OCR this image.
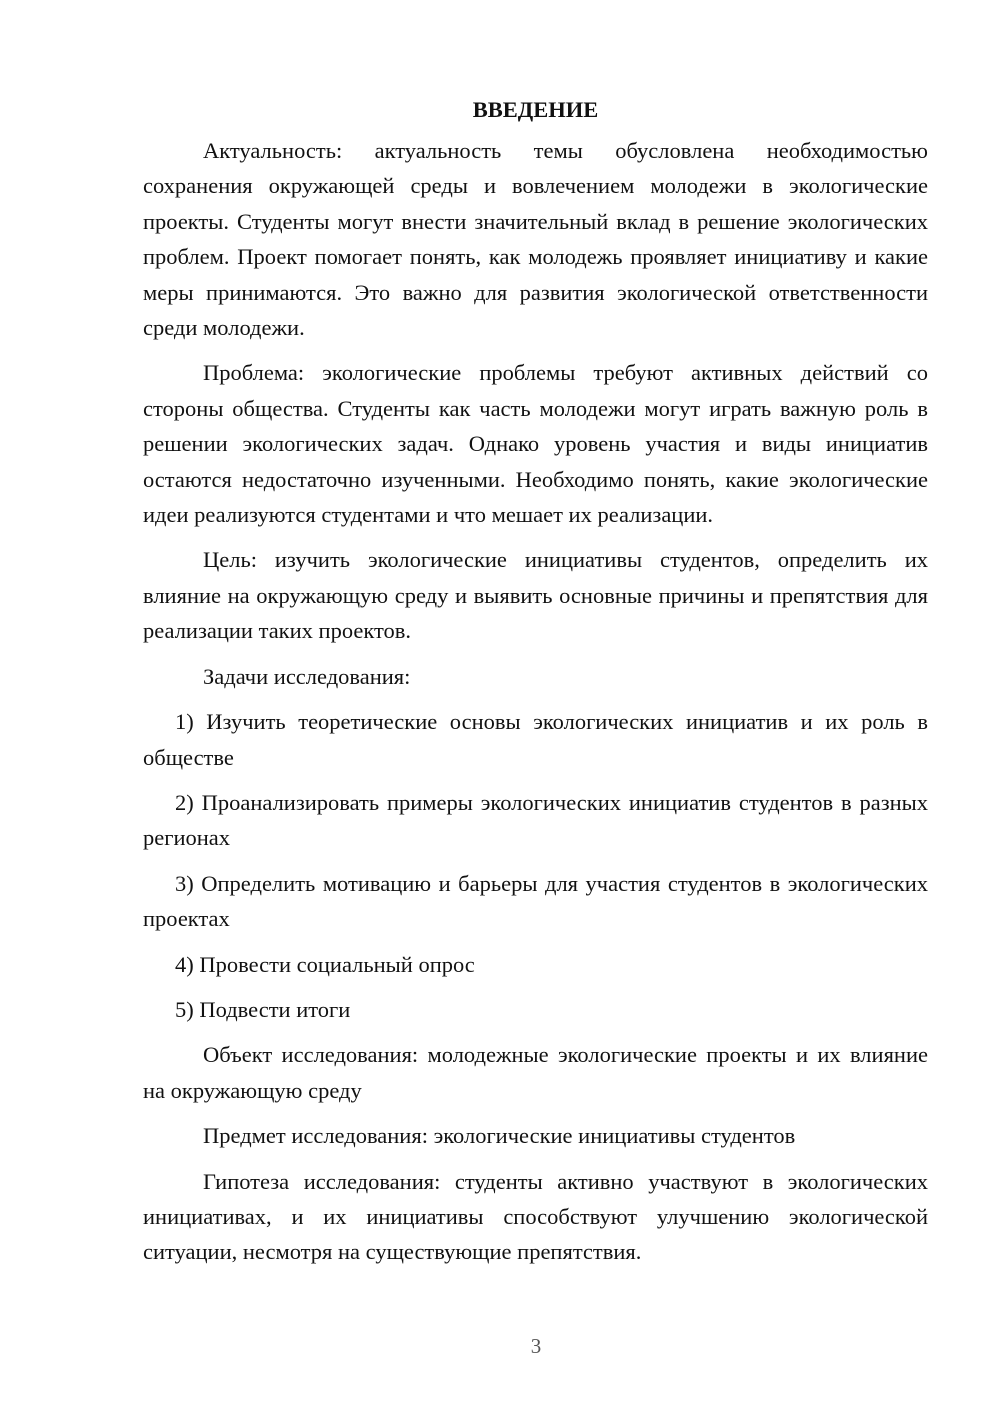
ВВЕДЕНИЕ

Актуальность: актуальность темы обусловлена необходимостью сохранения окружающей среды и вовлечением молодежи в экологические проекты. Студенты могут внести значительный вклад в решение экологических проблем. Проект помогает понять, как молодежь проявляет инициативу и какие меры принимаются. Это важно для развития экологической ответственности среди молодежи.

Проблема: экологические проблемы требуют активных действий со стороны общества. Студенты как часть молодежи могут играть важную роль в решении экологических задач. Однако уровень участия и виды инициатив остаются недостаточно изученными. Необходимо понять, какие экологические идеи реализуются студентами и что мешает их реализации.

Цель: изучить экологические инициативы студентов, определить их влияние на окружающую среду и выявить основные причины и препятствия для реализации таких проектов.

Задачи исследования:

1) Изучить теоретические основы экологических инициатив и их роль в обществе

2) Проанализировать примеры экологических инициатив студентов в разных регионах

3) Определить мотивацию и барьеры для участия студентов в экологических проектах

4) Провести социальный опрос

5) Подвести итоги

Объект исследования: молодежные экологические проекты и их влияние на окружающую среду

Предмет исследования: экологические инициативы студентов

Гипотеза исследования: студенты активно участвуют в экологических инициативах, и их инициативы способствуют улучшению экологической ситуации, несмотря на существующие препятствия.

3
